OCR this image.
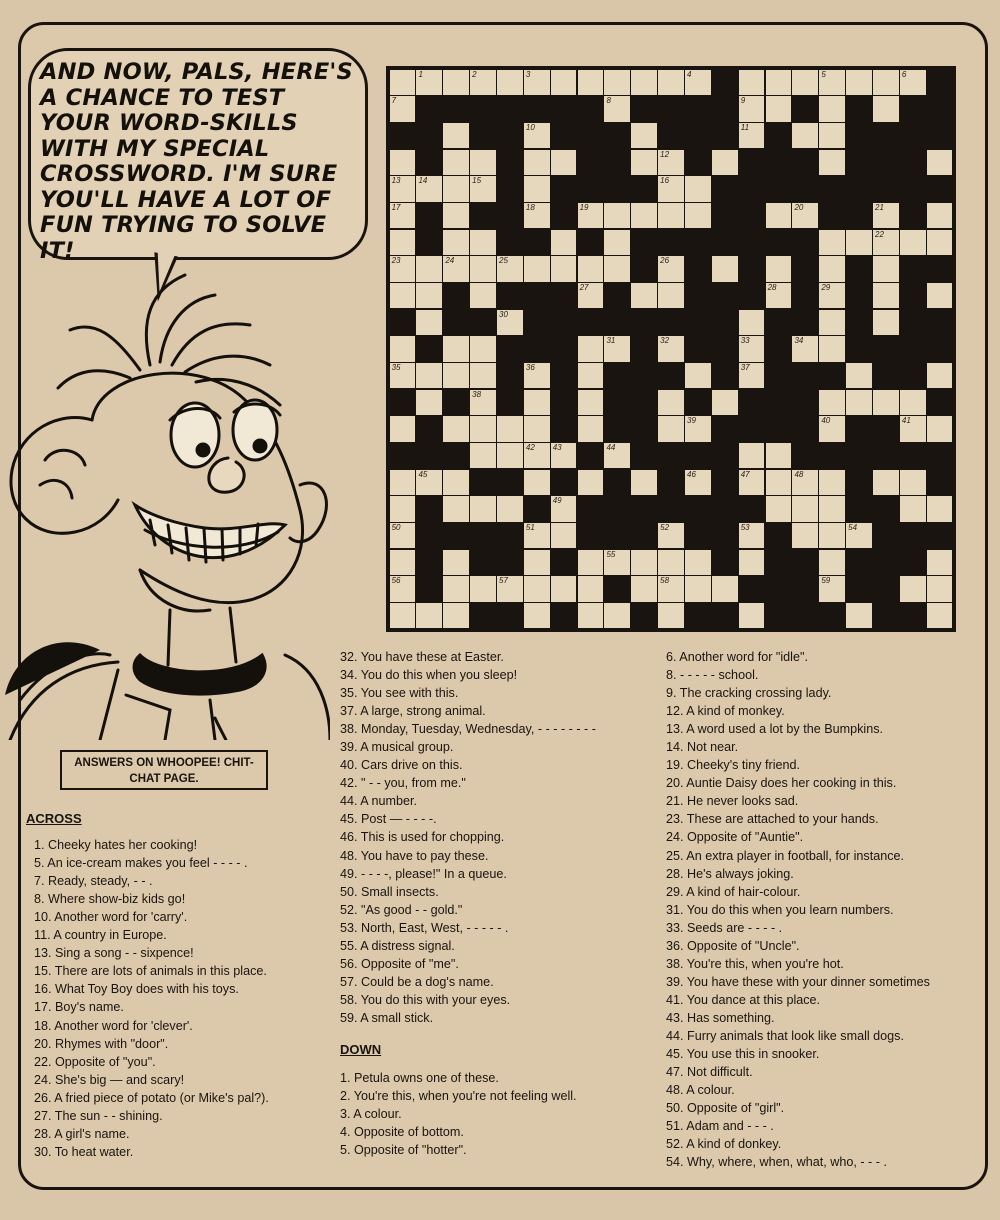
AND NOW, PALS, HERE'S A CHANCE TO TEST YOUR WORD-SKILLS WITH MY SPECIAL CROSSWORD. I'M SURE YOU'LL HAVE A LOT OF FUN TRYING TO SOLVE IT!
ANSWERS ON WHOOPEE! CHIT-CHAT PAGE.
1	2	3	4	5	6
7	8	9
10	11
12
13 14	15	16
17	18	19	20	21
22
23	24	25	26
27	28	29
30
31	32	33	34
35	36	37
38
39	40	41
42 43	44
45	46	47	48
49
50	51	52	53	54
55
56	57	58	59
ACROSS
1. Cheeky hates her cooking!
5. An ice-cream makes you feel - - - - .
7. Ready, steady, - - .
8. Where show-biz kids go!
10. Another word for 'carry'.
11. A country in Europe.
13. Sing a song - - sixpence!
15. There are lots of animals in this place.
16. What Toy Boy does with his toys.
17. Boy's name.
18. Another word for 'clever'.
20. Rhymes with "door".
22. Opposite of "you".
24. She's big — and scary!
26. A fried piece of potato (or Mike's pal?).
27. The sun - - shining.
28. A girl's name.
30. To heat water.
32. You have these at Easter.
34. You do this when you sleep!
35. You see with this.
37. A large, strong animal.
38. Monday, Tuesday, Wednesday, - - - - - - - -
39. A musical group.
40. Cars drive on this.
42. " - - you, from me."
44. A number.
45. Post — - - - -.
46. This is used for chopping.
48. You have to pay these.
49. - - - -, please!" In a queue.
50. Small insects.
52. "As good - - gold."
53. North, East, West, - - - - - .
55. A distress signal.
56. Opposite of "me".
57. Could be a dog's name.
58. You do this with your eyes.
59. A small stick.
DOWN
1. Petula owns one of these.
2. You're this, when you're not feeling well.
3. A colour.
4. Opposite of bottom.
5. Opposite of "hotter".
6. Another word for "idle".
8. - - - - - school.
9. The cracking crossing lady.
12. A kind of monkey.
13. A word used a lot by the Bumpkins.
14. Not near.
19. Cheeky's tiny friend.
20. Auntie Daisy does her cooking in this.
21. He never looks sad.
23. These are attached to your hands.
24. Opposite of "Auntie".
25. An extra player in football, for instance.
28. He's always joking.
29. A kind of hair-colour.
31. You do this when you learn numbers.
33. Seeds are - - - - .
36. Opposite of "Uncle".
38. You're this, when you're hot.
39. You have these with your dinner sometimes
41. You dance at this place.
43. Has something.
44. Furry animals that look like small dogs.
45. You use this in snooker.
47. Not difficult.
48. A colour.
50. Opposite of "girl".
51. Adam and - - - .
52. A kind of donkey.
54. Why, where, when, what, who, - - - .
